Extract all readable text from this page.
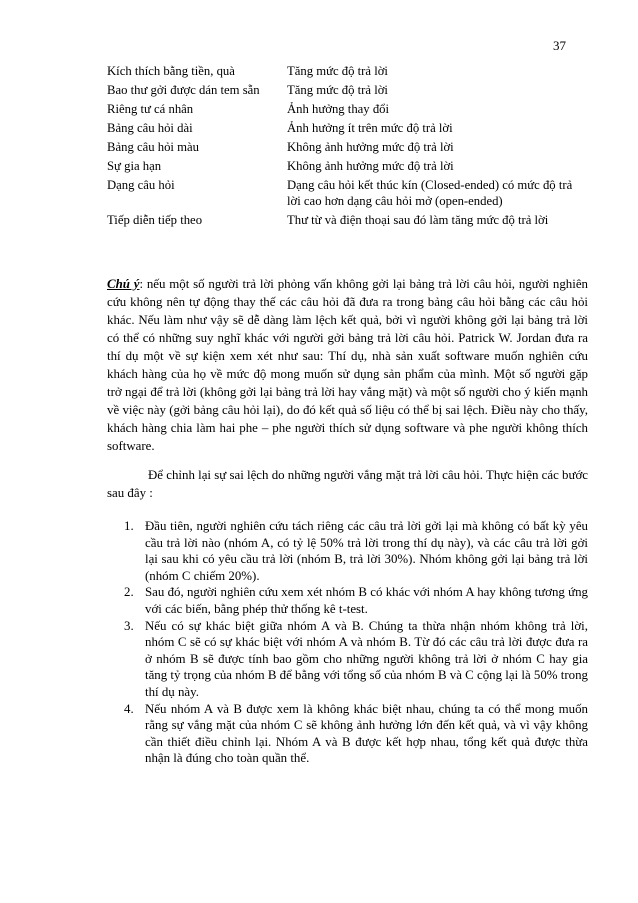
37
Kích thích bằng tiền, quà	Tăng mức độ trả lời
Bao thư gởi được dán tem sẵn	Tăng mức độ trả lời
Riêng tư cá nhân	Ảnh hưởng thay đổi
Bảng câu hỏi dài	Ảnh hưởng ít trên mức độ trả lời
Bảng câu hỏi màu	Không ảnh hưởng mức độ trả lời
Sự gia hạn	Không ảnh hưởng mức độ trả lời
Dạng câu hỏi	Dạng câu hỏi kết thúc kín (Closed-ended) có mức độ trả lời cao hơn dạng câu hỏi mở (open-ended)
Tiếp diễn tiếp theo	Thư từ và điện thoại sau đó làm tăng mức độ trả lời

Chú ý: nếu một số người trả lời phỏng vấn không gởi lại bảng trả lời câu hỏi, người nghiên cứu không nên tự động thay thế các câu hỏi đã đưa ra trong bảng câu hỏi bằng các câu hỏi khác. Nếu làm như vậy sẽ dễ dàng làm lệch kết quả, bởi vì người không gởi lại bảng trả lời có thể có những suy nghĩ khác với người gởi bảng trả lời câu hỏi. Patrick W. Jordan đưa ra thí dụ một về sự kiện xem xét như sau: Thí dụ, nhà sản xuất software muốn nghiên cứu khách hàng của họ về mức độ mong muốn sử dụng sản phẩm của mình. Một số người gặp trở ngại để trả lời (không gởi lại bảng trả lời hay vắng mặt) và một số người cho ý kiến mạnh về việc này (gởi bảng câu hỏi lại), do đó kết quả số liệu có thể bị sai lệch. Điều này cho thấy, khách hàng chia làm hai phe – phe người thích sử dụng software và phe người không thích software.

Để chỉnh lại sự sai lệch do những người vắng mặt trả lời câu hỏi. Thực hiện các bước sau đây :

1. Đầu tiên, người nghiên cứu tách riêng các câu trả lời gởi lại mà không có bất kỳ yêu cầu trả lời nào (nhóm A, có tỷ lệ 50% trả lời trong thí dụ này), và các câu trả lời gởi lại sau khi có yêu cầu trả lời (nhóm B, trả lời 30%). Nhóm không gởi lại bảng trả lời (nhóm C chiếm 20%).
2. Sau đó, người nghiên cứu xem xét nhóm B có khác với nhóm A hay không tương ứng với các biến, bằng phép thử thống kê t-test.
3. Nếu có sự khác biệt giữa nhóm A và B. Chúng ta thừa nhận nhóm không trả lời, nhóm C sẽ có sự khác biệt với nhóm A và nhóm B. Từ đó các câu trả lời được đưa ra ở nhóm B sẽ được tính bao gồm cho những người không trả lời ở nhóm C hay gia tăng tỷ trọng của nhóm B để bằng với tổng số của nhóm B và C cộng lại là 50% trong thí dụ này.
4. Nếu nhóm A và B được xem là không khác biệt nhau, chúng ta có thể mong muốn rằng sự vắng mặt của nhóm C sẽ không ảnh hưởng lớn đến kết quả, và vì vậy không cần thiết điều chỉnh lại. Nhóm A và B được kết hợp nhau, tổng kết quả được thừa nhận là đúng cho toàn quần thể.
